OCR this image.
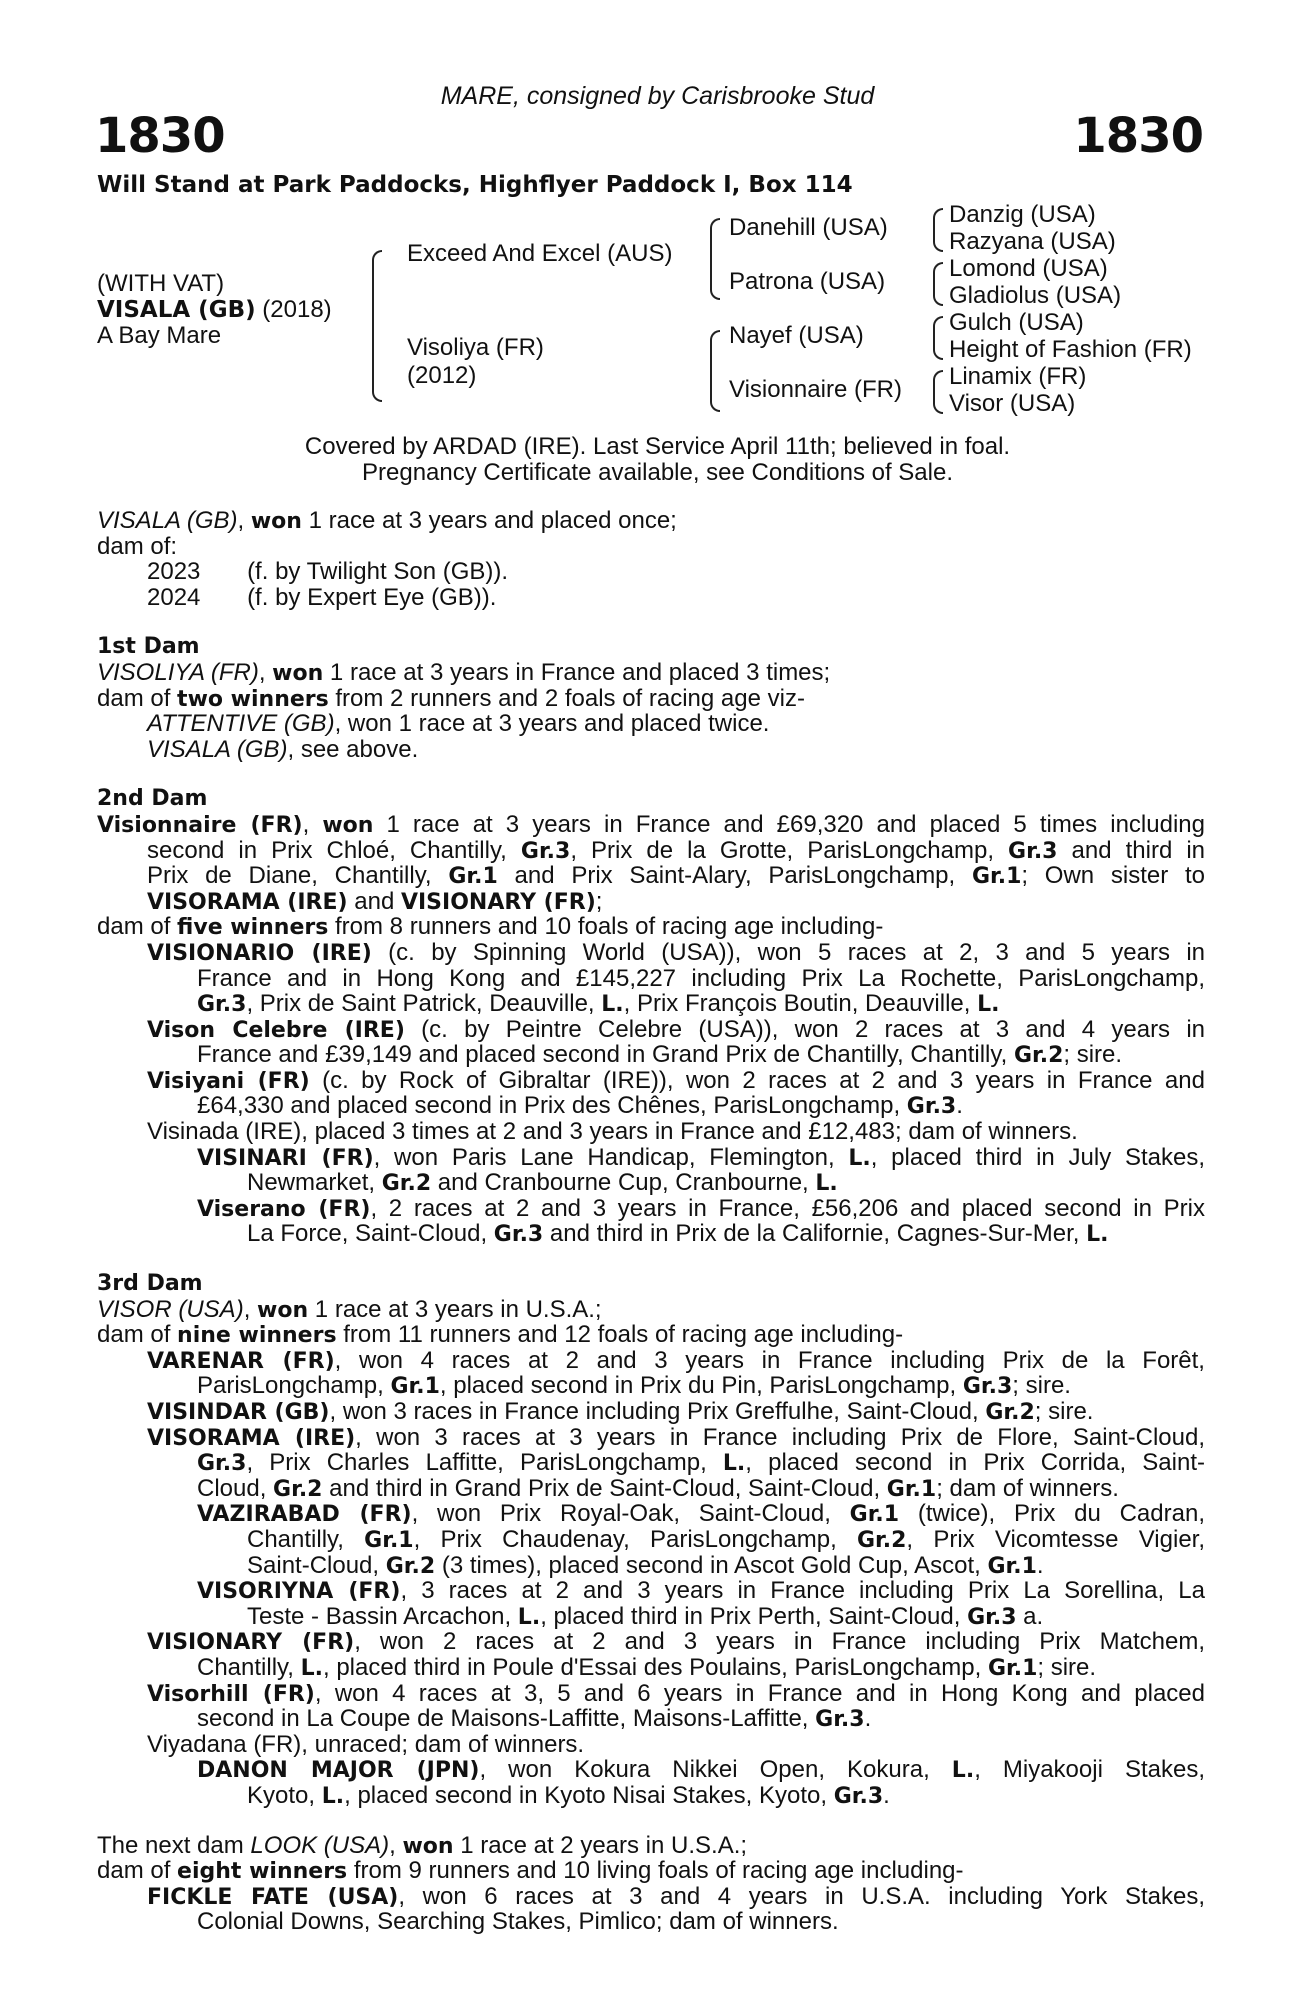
MARE, consigned by Carisbrooke Stud
1830	1830
Will Stand at Park Paddocks, Highflyer Paddock I, Box 114
(WITH VAT)
VISALA (GB) (2018)
A Bay Mare
Exceed And Excel (AUS)
Visoliya (FR)
(2012)
Danehill (USA)
Patrona (USA)
Nayef (USA)
Visionnaire (FR)
Danzig (USA)
Razyana (USA)
Lomond (USA)
Gladiolus (USA)
Gulch (USA)
Height of Fashion (FR)
Linamix (FR)
Visor (USA)
Covered by ARDAD (IRE). Last Service April 11th; believed in foal.
Pregnancy Certificate available, see Conditions of Sale.
VISALA (GB), won 1 race at 3 years and placed once;
dam of:
2023       (f. by Twilight Son (GB)).
2024       (f. by Expert Eye (GB)).
1st Dam
VISOLIYA (FR), won 1 race at 3 years in France and placed 3 times;
dam of two winners from 2 runners and 2 foals of racing age viz-
ATTENTIVE (GB), won 1 race at 3 years and placed twice.
VISALA (GB), see above.
2nd Dam
Visionnaire (FR), won 1 race at 3 years in France and £69,320 and placed 5 times including
second in Prix Chloé, Chantilly, Gr.3, Prix de la Grotte, ParisLongchamp, Gr.3 and third in
Prix de Diane, Chantilly, Gr.1 and Prix Saint-Alary, ParisLongchamp, Gr.1; Own sister to
VISORAMA (IRE) and VISIONARY (FR);
dam of five winners from 8 runners and 10 foals of racing age including-
VISIONARIO (IRE) (c. by Spinning World (USA)), won 5 races at 2, 3 and 5 years in
France and in Hong Kong and £145,227 including Prix La Rochette, ParisLongchamp,
Gr.3, Prix de Saint Patrick, Deauville, L., Prix François Boutin, Deauville, L.
Vison Celebre (IRE) (c. by Peintre Celebre (USA)), won 2 races at 3 and 4 years in
France and £39,149 and placed second in Grand Prix de Chantilly, Chantilly, Gr.2; sire.
Visiyani (FR) (c. by Rock of Gibraltar (IRE)), won 2 races at 2 and 3 years in France and
£64,330 and placed second in Prix des Chênes, ParisLongchamp, Gr.3.
Visinada (IRE), placed 3 times at 2 and 3 years in France and £12,483; dam of winners.
VISINARI (FR), won Paris Lane Handicap, Flemington, L., placed third in July Stakes,
Newmarket, Gr.2 and Cranbourne Cup, Cranbourne, L.
Viserano (FR), 2 races at 2 and 3 years in France, £56,206 and placed second in Prix
La Force, Saint-Cloud, Gr.3 and third in Prix de la Californie, Cagnes-Sur-Mer, L.
3rd Dam
VISOR (USA), won 1 race at 3 years in U.S.A.;
dam of nine winners from 11 runners and 12 foals of racing age including-
VARENAR (FR), won 4 races at 2 and 3 years in France including Prix de la Forêt,
ParisLongchamp, Gr.1, placed second in Prix du Pin, ParisLongchamp, Gr.3; sire.
VISINDAR (GB), won 3 races in France including Prix Greffulhe, Saint-Cloud, Gr.2; sire.
VISORAMA (IRE), won 3 races at 3 years in France including Prix de Flore, Saint-Cloud,
Gr.3, Prix Charles Laffitte, ParisLongchamp, L., placed second in Prix Corrida, Saint-
Cloud, Gr.2 and third in Grand Prix de Saint-Cloud, Saint-Cloud, Gr.1; dam of winners.
VAZIRABAD (FR), won Prix Royal-Oak, Saint-Cloud, Gr.1 (twice), Prix du Cadran,
Chantilly, Gr.1, Prix Chaudenay, ParisLongchamp, Gr.2, Prix Vicomtesse Vigier,
Saint-Cloud, Gr.2 (3 times), placed second in Ascot Gold Cup, Ascot, Gr.1.
VISORIYNA (FR), 3 races at 2 and 3 years in France including Prix La Sorellina, La
Teste - Bassin Arcachon, L., placed third in Prix Perth, Saint-Cloud, Gr.3 a.
VISIONARY (FR), won 2 races at 2 and 3 years in France including Prix Matchem,
Chantilly, L., placed third in Poule d'Essai des Poulains, ParisLongchamp, Gr.1; sire.
Visorhill (FR), won 4 races at 3, 5 and 6 years in France and in Hong Kong and placed
second in La Coupe de Maisons-Laffitte, Maisons-Laffitte, Gr.3.
Viyadana (FR), unraced; dam of winners.
DANON MAJOR (JPN), won Kokura Nikkei Open, Kokura, L., Miyakooji Stakes,
Kyoto, L., placed second in Kyoto Nisai Stakes, Kyoto, Gr.3.
The next dam LOOK (USA), won 1 race at 2 years in U.S.A.;
dam of eight winners from 9 runners and 10 living foals of racing age including-
FICKLE FATE (USA), won 6 races at 3 and 4 years in U.S.A. including York Stakes,
Colonial Downs, Searching Stakes, Pimlico; dam of winners.
